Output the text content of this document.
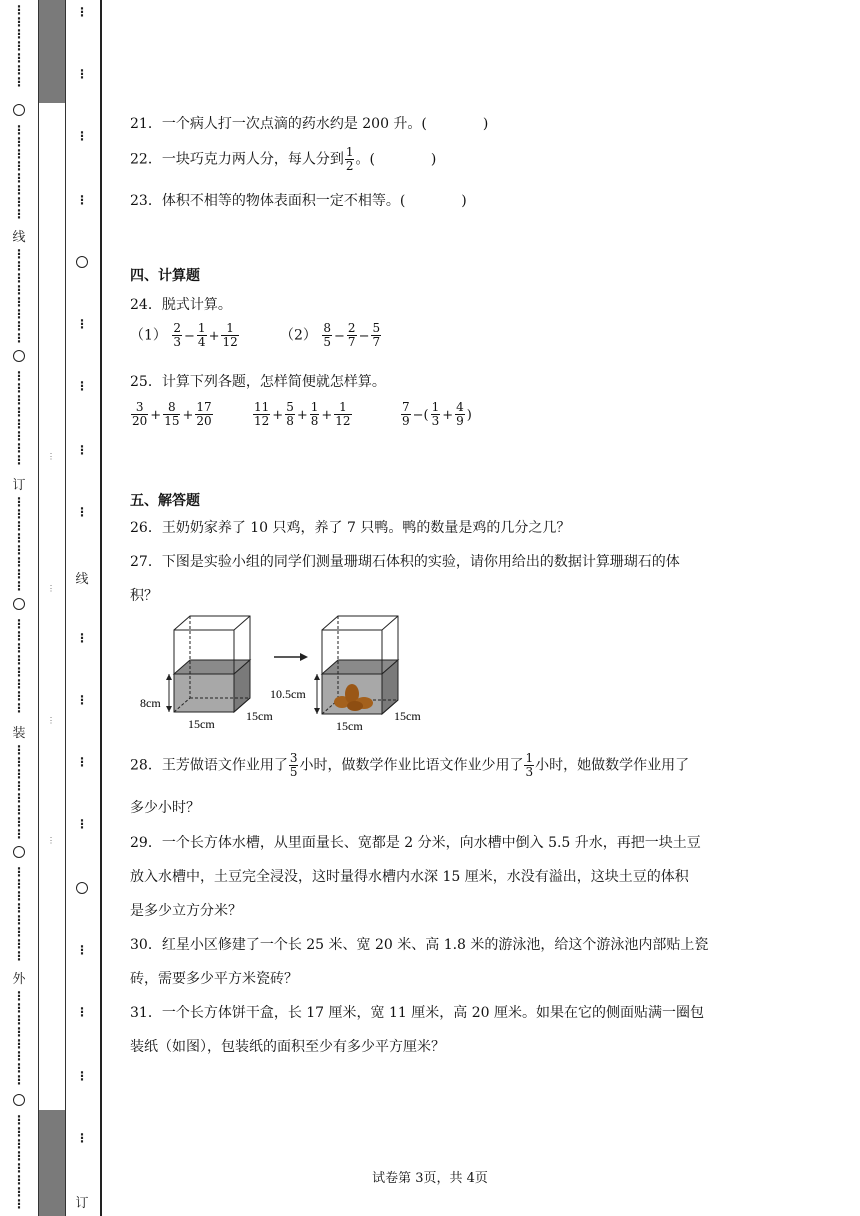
⋮
⋮
⋮
⋮
⋮
⋮
⋮
⋮
⋮
⋮
⋮
⋮
⋮
⋮
⋮
线
⋮
⋮
⋮
⋮
⋮
⋮
⋮
⋮
⋮
⋮
⋮
⋮
⋮
⋮
⋮
⋮
订
⋮
⋮
⋮
⋮
⋮
⋮
⋮
⋮
⋮
⋮
⋮
⋮
⋮
⋮
⋮
⋮
装
⋮
⋮
⋮
⋮
⋮
⋮
⋮
⋮
⋮
⋮
⋮
⋮
⋮
⋮
⋮
⋮
外
⋮
⋮
⋮
⋮
⋮
⋮
⋮
⋮
⋮
⋮
⋮
⋮
⋮
⋮
⋮
⋮
⋮
⋮
⋮
⋮
⋮
⋮
⋮
⋮
⋮
⋮
⋮
⋮
线
⋮
⋮
⋮
⋮
⋮
⋮
⋮
⋮
订
21．一个病人打一次点滴的药水约是 200 升。(　　　　)
22．一块巧克力两人分，每人分到 $\frac{1}{2}$ 。(　　　　)
23．体积不相等的物体表面积一定不相等。(　　　　)
四、计算题
24．脱式计算。
$(1) \frac{2}{3} - \frac{1}{4} + \frac{1}{12}$	$(2) \frac{8}{5} - \frac{2}{7} - \frac{5}{7}$
25．计算下列各题，怎样简便就怎样算。
$\frac{3}{20} + \frac{8}{15} + \frac{17}{20}$	$\frac{11}{12} + \frac{5}{8} + \frac{1}{8} + \frac{1}{12}$	$\frac{7}{9}$ −( $\frac{1}{3} + \frac{4}{9}$ )
五、解答题
26．王奶奶家养了 10 只鸡，养了 7 只鸭。鸭的数量是鸡的几分之几？
27．下图是实验小组的同学们测量珊瑚石体积的实验，请你用给出的数据计算珊瑚石的体
积？
8cm
15cm
15cm
10.5cm
15cm
15cm
28．王芳做语文作业用了 $\frac{3}{5}$ 小时，做数学作业比语文作业少用了 $\frac{1}{3}$ 小时，她做数学作业用了
多少小时？
29．一个长方体水槽，从里面量长、宽都是 2 分米，向水槽中倒入 5.5 升水，再把一块土豆
放入水槽中，土豆完全浸没，这时量得水槽内水深 15 厘米，水没有溢出，这块土豆的体积
是多少立方分米？
30．红星小区修建了一个长 25 米、宽 20 米、高 1.8 米的游泳池，给这个游泳池内部贴上瓷
砖，需要多少平方米瓷砖？
31．一个长方体饼干盒，长 17 厘米，宽 11 厘米，高 20 厘米。如果在它的侧面贴满一圈包
装纸（如图），包装纸的面积至少有多少平方厘米？
试卷第 3页，共 4页
